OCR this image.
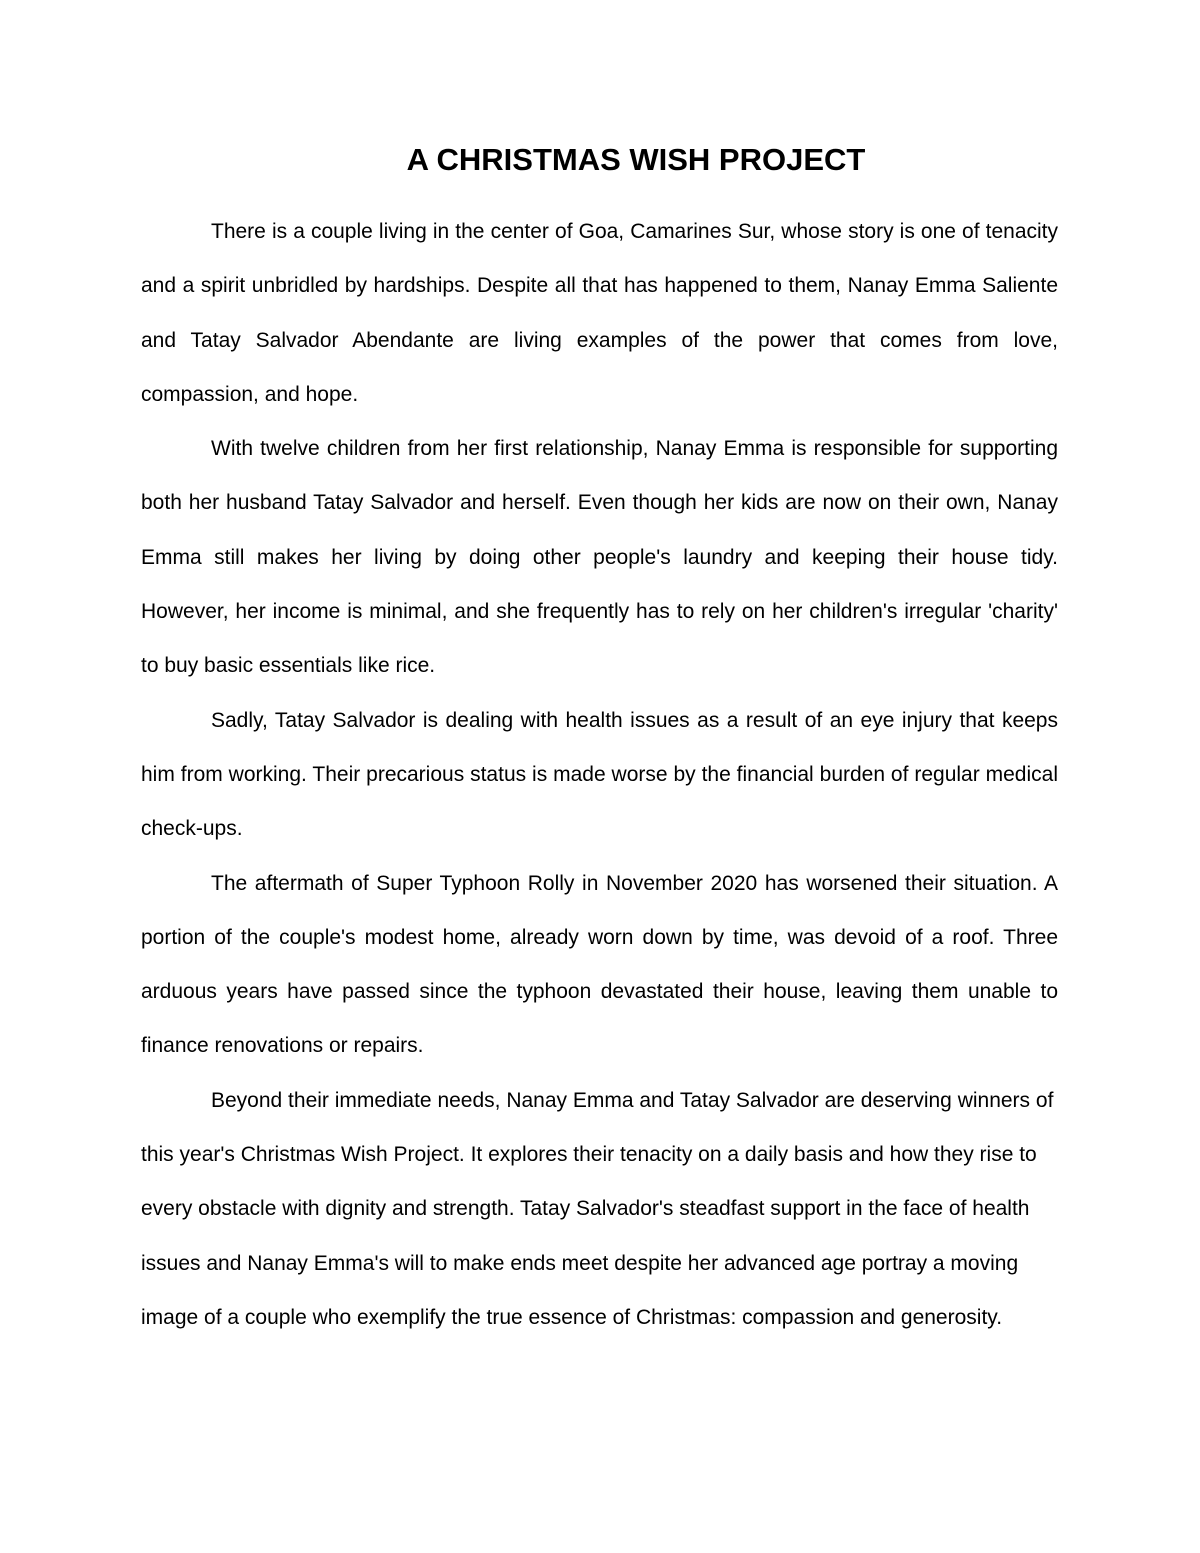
A CHRISTMAS WISH PROJECT

There is a couple living in the center of Goa, Camarines Sur, whose story is one of tenacity and a spirit unbridled by hardships. Despite all that has happened to them, Nanay Emma Saliente and Tatay Salvador Abendante are living examples of the power that comes from love, compassion, and hope.

With twelve children from her first relationship, Nanay Emma is responsible for supporting both her husband Tatay Salvador and herself. Even though her kids are now on their own, Nanay Emma still makes her living by doing other people's laundry and keeping their house tidy. However, her income is minimal, and she frequently has to rely on her children's irregular 'charity' to buy basic essentials like rice.

Sadly, Tatay Salvador is dealing with health issues as a result of an eye injury that keeps him from working. Their precarious status is made worse by the financial burden of regular medical check-ups.

The aftermath of Super Typhoon Rolly in November 2020 has worsened their situation. A portion of the couple's modest home, already worn down by time, was devoid of a roof. Three arduous years have passed since the typhoon devastated their house, leaving them unable to finance renovations or repairs.

Beyond their immediate needs, Nanay Emma and Tatay Salvador are deserving winners of this year's Christmas Wish Project. It explores their tenacity on a daily basis and how they rise to every obstacle with dignity and strength. Tatay Salvador's steadfast support in the face of health issues and Nanay Emma's will to make ends meet despite her advanced age portray a moving image of a couple who exemplify the true essence of Christmas: compassion and generosity.
